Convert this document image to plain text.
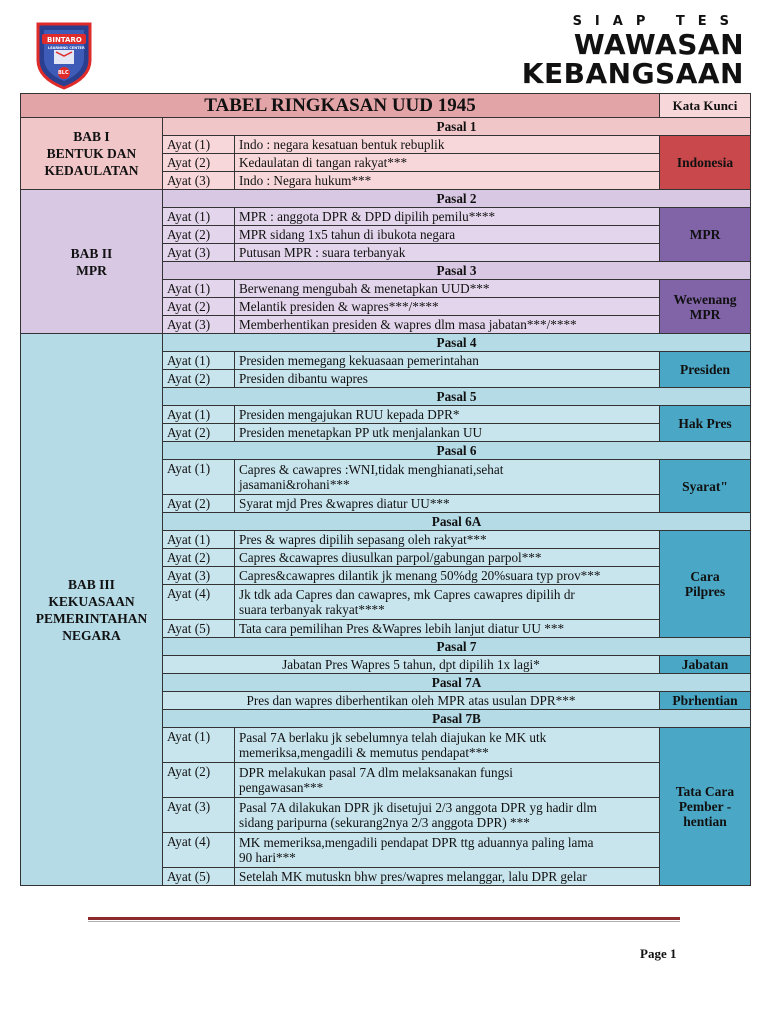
BINTARO
LEARNING CENTER
BLC
SIAP TES
WAWASAN
KEBANGSAAN
TABEL RINGKASAN UUD 1945			Kata Kunci
BAB I
BENTUK DAN
KEDAULATAN	Pasal 1		
	Ayat (1)	Indo : negara kesatuan bentuk rebuplik	Indonesia
	Ayat (2)	Kedaulatan di tangan rakyat***	
	Ayat (3)	Indo : Negara hukum***	
BAB II
MPR	Pasal 2		
	Ayat (1)	MPR : anggota DPR & DPD dipilih pemilu****	MPR
	Ayat (2)	MPR sidang 1x5 tahun di ibukota negara	
	Ayat (3)	Putusan MPR : suara terbanyak	
	Pasal 3		
	Ayat (1)	Berwenang mengubah & menetapkan UUD***	Wewenang
MPR
	Ayat (2)	Melantik presiden & wapres***/****	
	Ayat (3)	Memberhentikan presiden & wapres dlm masa jabatan***/****	
BAB III
KEKUASAAN
PEMERINTAHAN
NEGARA	Pasal 4		
	Ayat (1)	Presiden memegang kekuasaan pemerintahan	Presiden
	Ayat (2)	Presiden dibantu wapres	
	Pasal 5		
	Ayat (1)	Presiden mengajukan RUU kepada DPR*	Hak Pres
	Ayat (2)	Presiden menetapkan PP utk menjalankan UU	
	Pasal 6		
	Ayat (1)	Capres & cawapres :WNI,tidak menghianati,sehat
jasamani&rohani***	Syarat"
	Ayat (2)	Syarat mjd Pres &wapres diatur UU***	
	Pasal 6A		
	Ayat (1)	Pres & wapres dipilih sepasang oleh rakyat***	Cara
Pilpres
	Ayat (2)	Capres &cawapres diusulkan parpol/gabungan parpol***	
	Ayat (3)	Capres&cawapres dilantik jk menang 50%dg 20%suara typ prov***	
	Ayat (4)	Jk tdk ada Capres dan cawapres, mk Capres cawapres dipilih dr
suara terbanyak rakyat****	
	Ayat (5)	Tata cara pemilihan Pres &Wapres lebih lanjut diatur UU ***	
	Pasal 7		
	Jabatan Pres Wapres 5 tahun, dpt dipilih 1x lagi*		Jabatan
	Pasal 7A		
	Pres dan wapres diberhentikan oleh MPR atas usulan DPR***		Pbrhentian
	Pasal 7B		
	Ayat (1)	Pasal 7A berlaku jk sebelumnya telah diajukan ke MK utk
memeriksa,mengadili & memutus pendapat***	Tata Cara
Pember -
hentian
	Ayat (2)	DPR melakukan pasal 7A dlm melaksanakan fungsi
pengawasan***	
	Ayat (3)	Pasal 7A dilakukan DPR jk disetujui 2/3 anggota DPR yg hadir dlm
sidang paripurna (sekurang2nya 2/3 anggota DPR) ***	
	Ayat (4)	MK memeriksa,mengadili pendapat DPR ttg aduannya paling lama
90 hari***	
	Ayat (5)	Setelah MK mutuskn bhw pres/wapres melanggar, lalu DPR gelar	
Page 1
